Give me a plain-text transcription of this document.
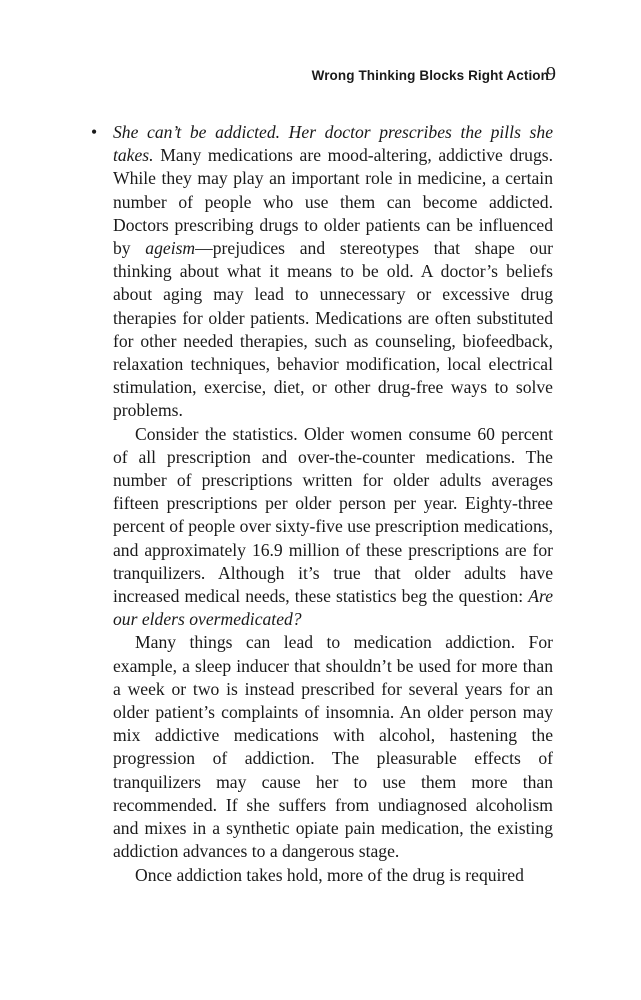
Wrong Thinking Blocks Right Action
9

• She can’t be addicted. Her doctor prescribes the pills she takes. Many medications are mood-altering, addictive drugs. While they may play an important role in medicine, a certain number of people who use them can become addicted. Doctors prescribing drugs to older patients can be influenced by ageism—prejudices and stereotypes that shape our thinking about what it means to be old. A doctor’s beliefs about aging may lead to unnecessary or excessive drug therapies for older patients. Medications are often substituted for other needed therapies, such as counseling, biofeedback, relaxation techniques, behavior modification, local electrical stimulation, exercise, diet, or other drug-free ways to solve problems.

Consider the statistics. Older women consume 60 percent of all prescription and over-the-counter medications. The number of prescriptions written for older adults averages fifteen prescriptions per older person per year. Eighty-three percent of people over sixty-five use prescription medications, and approximately 16.9 million of these prescriptions are for tranquilizers. Although it’s true that older adults have increased medical needs, these statistics beg the question: Are our elders overmedicated?

Many things can lead to medication addiction. For example, a sleep inducer that shouldn’t be used for more than a week or two is instead prescribed for several years for an older patient’s complaints of insomnia. An older person may mix addictive medications with alcohol, hastening the progression of addiction. The pleasurable effects of tranquilizers may cause her to use them more than recommended. If she suffers from undiagnosed alcoholism and mixes in a synthetic opiate pain medication, the existing addiction advances to a dangerous stage.

Once addiction takes hold, more of the drug is required
